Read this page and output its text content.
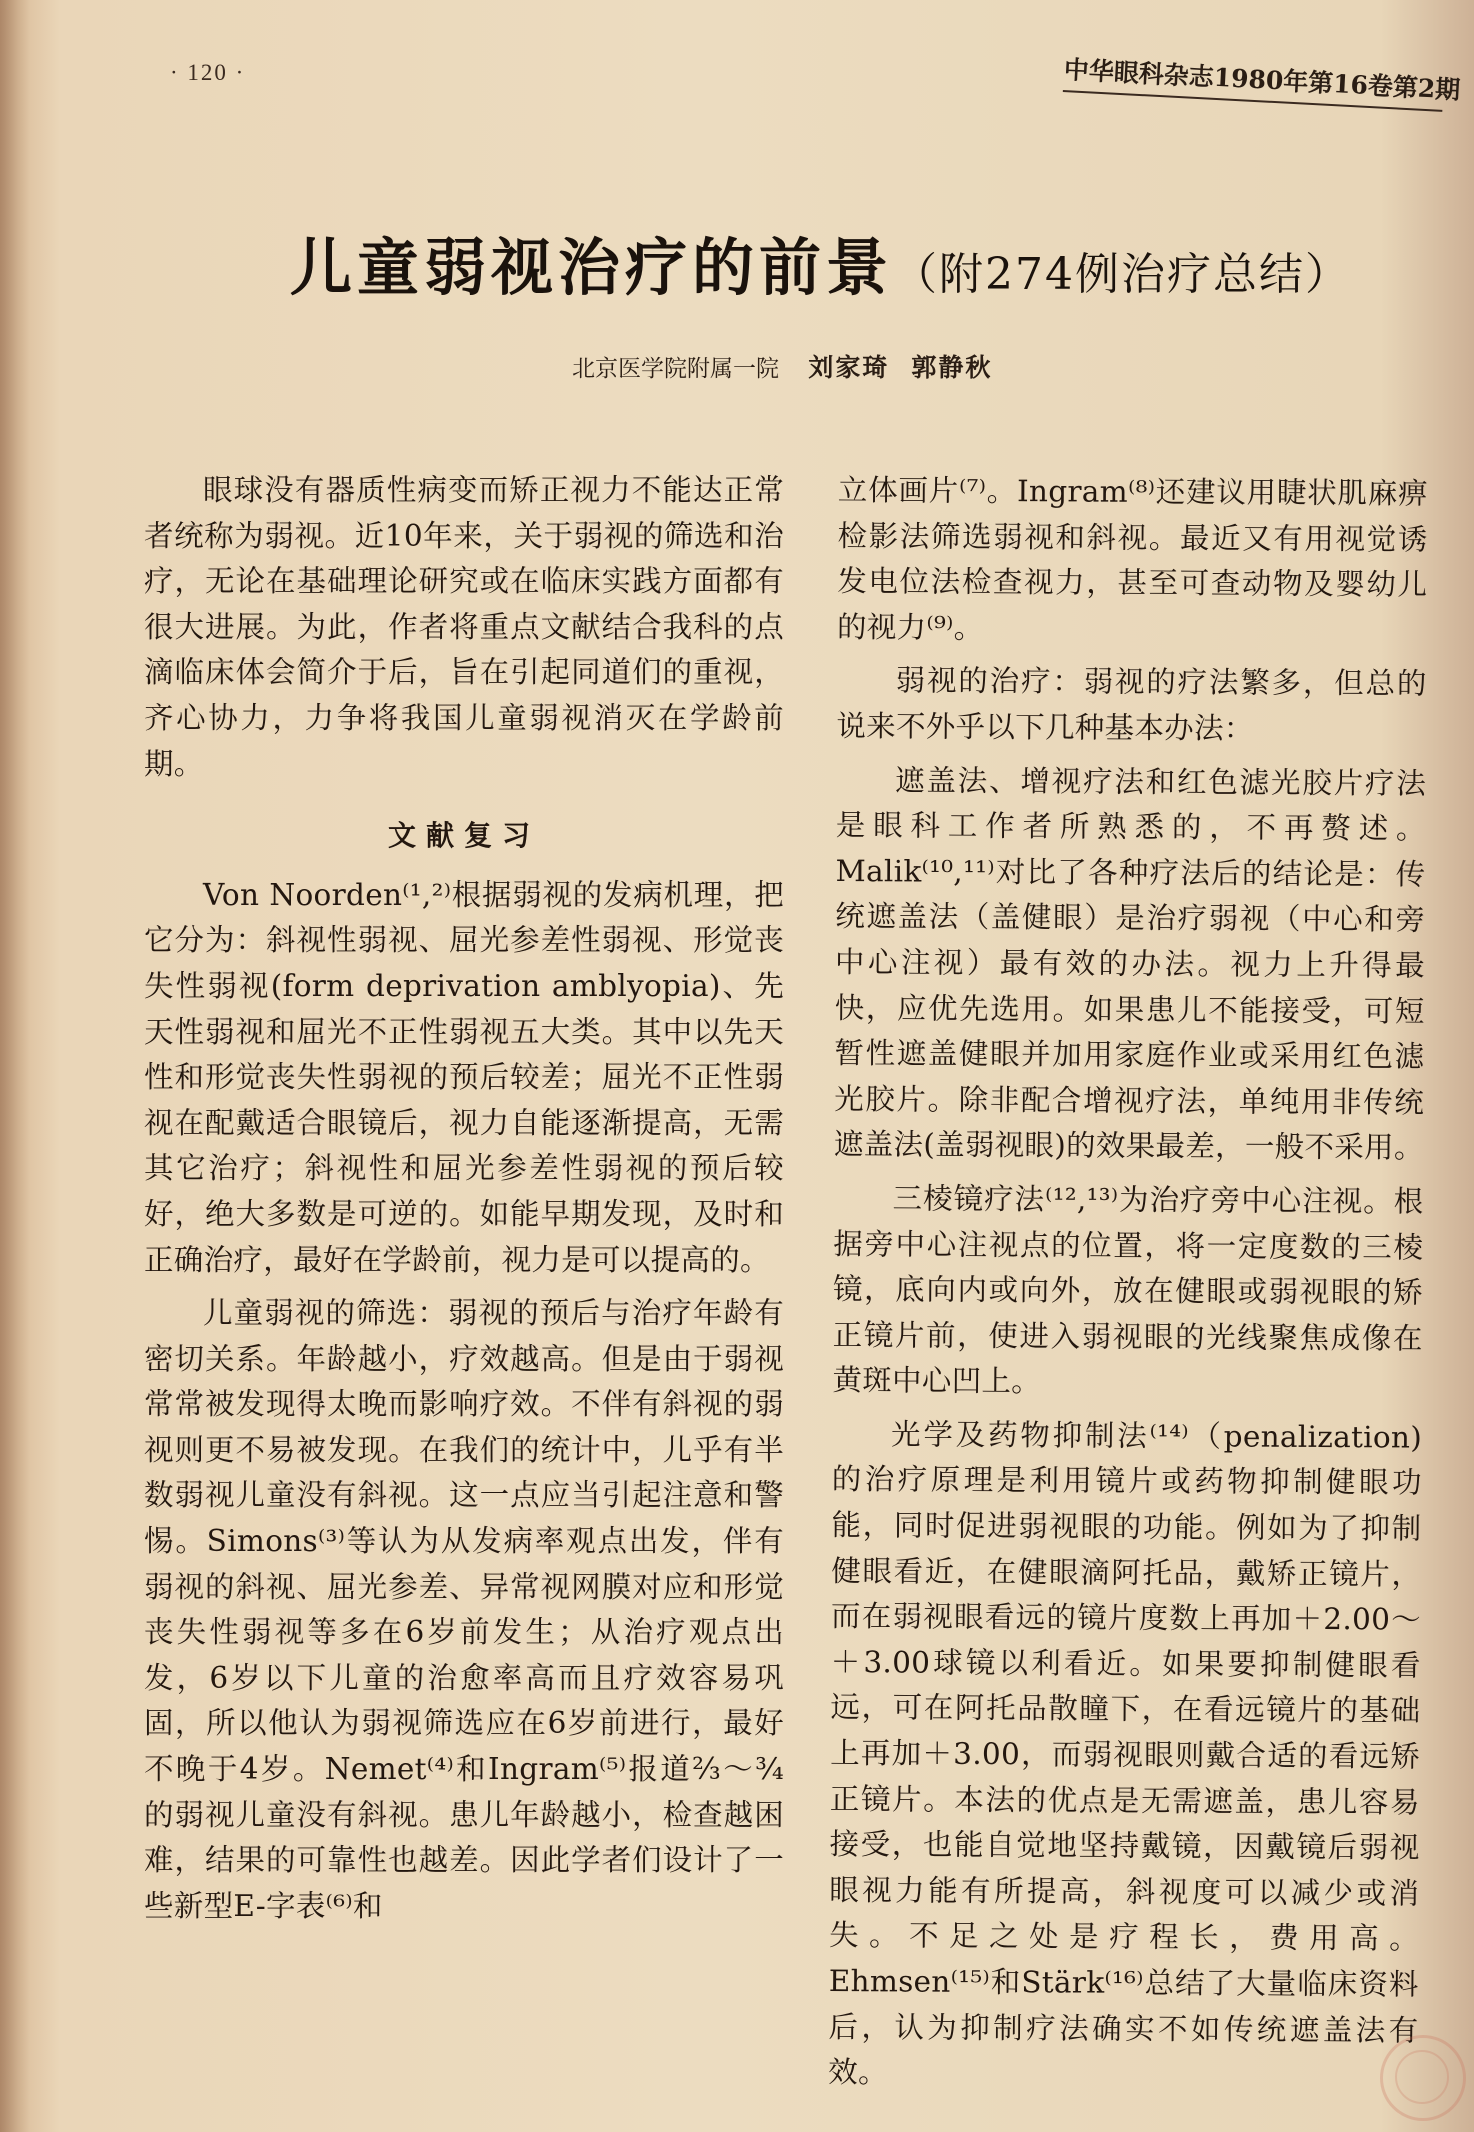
· 120 ·	中华眼科杂志1980年第16卷第2期
儿童弱视治疗的前景（附274例治疗总结）
北京医学院附属一院 刘家琦 郭静秋

眼球没有器质性病变而矫正视力不能达正常者统称为弱视。近10年来，关于弱视的筛选和治疗，无论在基础理论研究或在临床实践方面都有很大进展。为此，作者将重点文献结合我科的点滴临床体会简介于后，旨在引起同道们的重视，齐心协力，力争将我国儿童弱视消灭在学龄前期。

文献复习

Von Noorden⁽¹,²⁾根据弱视的发病机理，把它分为：斜视性弱视、屈光参差性弱视、形觉丧失性弱视(form deprivation amblyopia)、先天性弱视和屈光不正性弱视五大类。其中以先天性和形觉丧失性弱视的预后较差；屈光不正性弱视在配戴适合眼镜后，视力自能逐渐提高，无需其它治疗；斜视性和屈光参差性弱视的预后较好，绝大多数是可逆的。如能早期发现，及时和正确治疗，最好在学龄前，视力是可以提高的。

儿童弱视的筛选：弱视的预后与治疗年龄有密切关系。年龄越小，疗效越高。但是由于弱视常常被发现得太晚而影响疗效。不伴有斜视的弱视则更不易被发现。在我们的统计中，儿乎有半数弱视儿童没有斜视。这一点应当引起注意和警惕。Simons⁽³⁾等认为从发病率观点出发，伴有弱视的斜视、屈光参差、异常视网膜对应和形觉丧失性弱视等多在6岁前发生；从治疗观点出发，6岁以下儿童的治愈率高而且疗效容易巩固，所以他认为弱视筛选应在6岁前进行，最好不晚于4岁。Nemet⁽⁴⁾和Ingram⁽⁵⁾报道⅔～¾的弱视儿童没有斜视。患儿年龄越小，检查越困难，结果的可靠性也越差。因此学者们设计了一些新型E-字表⁽⁶⁾和

立体画片⁽⁷⁾。Ingram⁽⁸⁾还建议用睫状肌麻痹检影法筛选弱视和斜视。最近又有用视觉诱发电位法检查视力，甚至可查动物及婴幼儿的视力⁽⁹⁾。

弱视的治疗：弱视的疗法繁多，但总的说来不外乎以下几种基本办法：

遮盖法、增视疗法和红色滤光胶片疗法是眼科工作者所熟悉的，不再赘述。Malik⁽¹⁰,¹¹⁾对比了各种疗法后的结论是：传统遮盖法（盖健眼）是治疗弱视（中心和旁中心注视）最有效的办法。视力上升得最快，应优先选用。如果患儿不能接受，可短暂性遮盖健眼并加用家庭作业或采用红色滤光胶片。除非配合增视疗法，单纯用非传统遮盖法(盖弱视眼)的效果最差，一般不采用。

三棱镜疗法⁽¹²,¹³⁾为治疗旁中心注视。根据旁中心注视点的位置，将一定度数的三棱镜，底向内或向外，放在健眼或弱视眼的矫正镜片前，使进入弱视眼的光线聚焦成像在黄斑中心凹上。

光学及药物抑制法⁽¹⁴⁾（penalization)的治疗原理是利用镜片或药物抑制健眼功能，同时促进弱视眼的功能。例如为了抑制健眼看近，在健眼滴阿托品，戴矫正镜片，而在弱视眼看远的镜片度数上再加＋2.00～＋3.00球镜以利看近。如果要抑制健眼看远，可在阿托品散瞳下，在看远镜片的基础上再加＋3.00，而弱视眼则戴合适的看远矫正镜片。本法的优点是无需遮盖，患儿容易接受，也能自觉地坚持戴镜，因戴镜后弱视眼视力能有所提高，斜视度可以减少或消失。不足之处是疗程长，费用高。Ehmsen⁽¹⁵⁾和Stärk⁽¹⁶⁾总结了大量临床资料后，认为抑制疗法确实不如传统遮盖法有效。
